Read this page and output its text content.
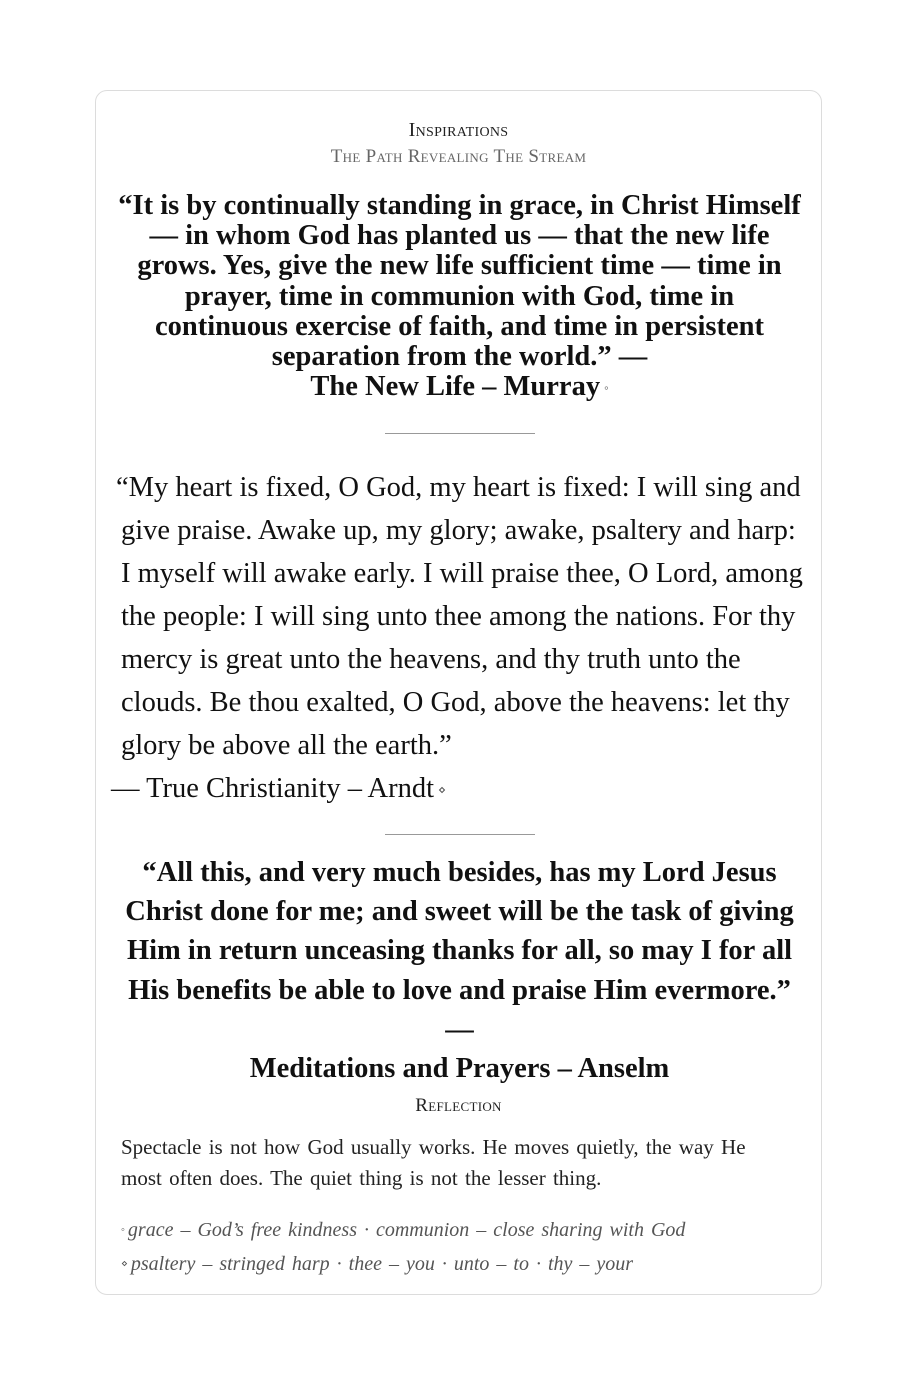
Inspirations
The Path Revealing The Stream
“It is by continually standing in grace, in Christ Himself — in whom God has planted us — that the new life grows. Yes, give the new life sufficient time — time in prayer, time in communion with God, time in continuous exercise of faith, and time in persistent separation from the world.” —
The New Life – Murray ◦
“My heart is fixed, O God, my heart is fixed: I will sing and give praise. Awake up, my glory; awake, psaltery and harp: I myself will awake early. I will praise thee, O Lord, among the people: I will sing unto thee among the nations. For thy mercy is great unto the heavens, and thy truth unto the clouds. Be thou exalted, O God, above the heavens: let thy glory be above all the earth.”
— True Christianity – Arndt ⋄
“All this, and very much besides, has my Lord Jesus Christ done for me; and sweet will be the task of giving Him in return unceasing thanks for all, so may I for all His benefits be able to love and praise Him evermore.” —
Meditations and Prayers – Anselm
Reflection
Spectacle is not how God usually works. He moves quietly, the way He most often does. The quiet thing is not the lesser thing.
◦ grace – God’s free kindness · communion – close sharing with God
⋄ psaltery – stringed harp · thee – you · unto – to · thy – your
